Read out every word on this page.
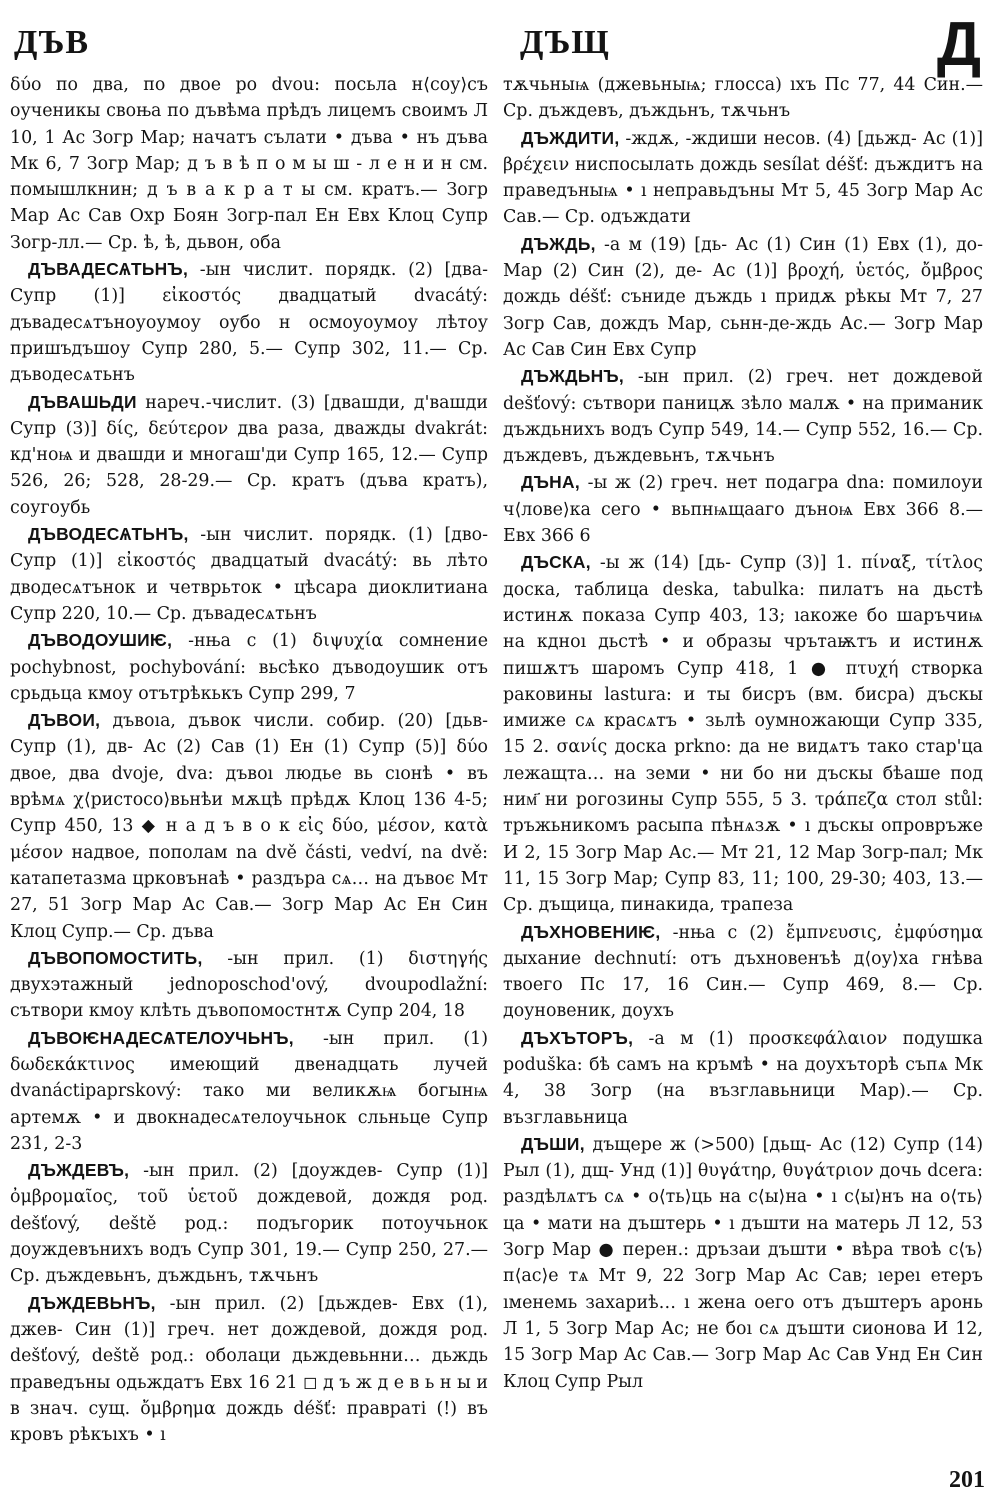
ДЪВ	ДЪЩ	Д

δύο по два, по двое po dvou: посьла н⟨соу⟩съ оученикы своња по дъвѣма прѣдъ лицемъ своимъ Л 10, 1 Ас Зогр Мар; начатъ сълати • дъва • нъ дъва Мк 6, 7 Зогр Мар; д ъ в ѣ п о м ы ш - л е н и н см. помышлкнин; д ъ в а к р а т ы см. кратъ.— Зогр Мар Ас Сав Охр Боян Зогр-пал Ен Евх Клоц Супр Зогр-лл.— Ср. ѣ, ѣ, дьвон, оба

ДЪВАДЕСѦТЬНЪ, -ын числит. порядк. (2) [два- Супр (1)] εἰκοστός двадцатый dvacátý: дъвадесѧтъноуоумоу оубо н осмоуоумоу лѣтоу пришъдъшоу Супр 280, 5.— Супр 302, 11.— Ср. дъвoдесѧтьнъ

ДЪВАШЬДИ нареч.-числит. (3) [двашди, д'вашди Супр (3)] δίς, δεύτερον два раза, дважды dvakrát: кд'ноѩ и двашди и многаш'ди Супр 165, 12.— Супр 526, 26; 528, 28-29.— Ср. кратъ (дъва кратъ), соугоубь

ДЪВОДЕСѦТЬНЪ, -ын числит. порядк. (1) [дво- Супр (1)] εἰκοστός двадцатый dvacátý: вь лѣто двoдесѧтънок и четврьток • цѣсара диоклитиана Супр 220, 10.— Ср. дъвадесѧтьнъ

ДЪВОДОУШИѤ, -нња с (1) διψυχία сомнение pochybnost, pochybování: вьсѣко дъводоушик отъ срьдьца кмоу отътрѣкькъ Супр 299, 7

ДЪВОИ, дъвоıа, дъвок числи. собир. (20) [дьв- Супр (1), дв- Ас (2) Сав (1) Ен (1) Супр (5)] δύο двое, два dvoje, dva: дъвоı людье вь сıонѣ • въ врѣмѧ χ⟨ристосо⟩вьнѣи мѫцѣ прѣдѫ Клоц 136 4-5; Супр 450, 13 ◆ н а д ъ в о к εἰς δύο, μέσον, κατὰ μέσον надвое, пополам na dvě části, vedví, na dvě: катапетазма црковънаѣ • раздъра сѧ… на дъвоє Мт 27, 51 Зогр Мар Ас Сав.— Зогр Мар Ас Ен Син Клоц Супр.— Ср. дъва

ДЪВОПОМОСТИТЬ, -ын прил. (1) διστηγής двухэтажный jednoposchod'ový, dvoupodlažní: сътвори кмоу клѣть дъвопомостнтѫ Супр 204, 18

ДЪВОѤНАДЕСѦТЕЛОУЧЬНЪ, -ын прил. (1) δωδεκάκτινος имеющий двенадцать лучей dvanáctipaprskový: тако ми великѫѩ богынѩ артемѫ • и двокнадесѧтелоучьнок сльньце Супр 231, 2-3

ДЪЖДЕВЪ, -ын прил. (2) [доуждев- Супр (1)] ὀμβρομαῖος, τοῦ ὑετοῦ дождевой, дождя род. dešťový, deště род.: подъгорик потоучьнок доуждевънихъ водъ Супр 301, 19.— Супр 250, 27.— Ср. дъждевьнъ, дъждьнъ, тѫчьнъ

ДЪЖДЕВЬНЪ, -ын прил. (2) [дьждев- Евх (1), джев- Син (1)] греч. нет дождевой, дождя род. dešťový, deště род.: оболаци дьждевьнни… дьждь праведъны одьждатъ Евх 16 21 ◻ д ъ ж д е в ь н ы и в знач. сущ. ὄμβρημα дождь déšť: правраті (!) въ кровъ рѣкъıхъ • ı

тѫчьныѩ (джевьныѩ; глосса) ıхъ Пс 77, 44 Син.— Ср. дъждевъ, дъждьнъ, тѫчьнъ

ДЪЖДИТИ, -ждѫ, -ждиши несов. (4) [дьжд- Ас (1)] βρέχειν ниспосылать дождь sesílat déšť: дъждитъ на праведъныѩ • ı неправьдъны Мт 5, 45 Зогр Мар Ас Сав.— Ср. одъждати

ДЪЖДЬ, -а м (19) [дь- Ас (1) Син (1) Евх (1), до- Мар (2) Син (2), де- Ас (1)] βροχή, ὑετός, ὄμβρος дождь déšť: съниде дъждь ı придѫ рѣкы Мт 7, 27 Зогр Сав, дождъ Мар, сьнн-де-ждь Ас.— Зогр Мар Ас Сав Син Евх Супр

ДЪЖДЬНЪ, -ын прил. (2) греч. нет дождевой dešťový: сътвори паницѫ зѣло малѫ • на приманик дъждьнихъ водъ Супр 549, 14.— Супр 552, 16.— Ср. дъждевъ, дъждевьнъ, тѫчьнъ

ДЪНА, -ы ж (2) греч. нет подагра dna: помилоуи ч⟨лове⟩ка сего • вьпнѩщааго дънoѩ Евх 366 8.— Евх 366 6

ДЪСКА, -ы ж (14) [дь- Супр (3)] 1. πίναξ, τίτλος доска, таблица deska, tabulka: пилатъ на дьстѣ истинѫ показа Супр 403, 13; ıакоже бо шаръчиѩ на кдноı дьстѣ • и образы чрътаѭтъ и истинѫ пишѫтъ шаромъ Супр 418, 1 ● πτυχή створка раковины lastura: и ты бисръ (вм. бисра) дъскы имиже сѧ красѧтъ • зьлѣ оумножающи Супр 335, 15 2. σανίς доска prkno: да не видѧтъ тако стар'ца лежащта… на земи • ни бо ни дъскы бѣаше под ним҃ ни рогозины Супр 555, 5 3. τράπεζα стол stůl: тръжьникомъ расыпа пѣнѧзѫ • ı дъскы опровръже И 2, 15 Зогр Мар Ас.— Мт 21, 12 Мар Зогр-пал; Мк 11, 15 Зогр Мар; Супр 83, 11; 100, 29-30; 403, 13.— Ср. дъщица, пинакида, трапеза

ДЪХНОВЕНИѤ, -нња с (2) ἔμπνευσις, ἐμφύσημα дыхание dechnutí: отъ дъхновенъѣ д⟨оу⟩ха гнѣва твоего Пс 17, 16 Син.— Супр 469, 8.— Ср. доуновеник, доухъ

ДЪХЪТОРЪ, -а м (1) προσκεφάλαιον подушка poduška: бѣ самъ на кръмѣ • на доухъторѣ съпѧ Мк 4, 38 Зогр (на възглавьници Мар).— Ср. възглавьница

ДЪШИ, дъщере ж (>500) [дьщ- Ас (12) Супр (14) Рыл (1), дщ- Унд (1)] θυγάτηρ, θυγάτριον дочь dcera: раздѣлѧтъ сѧ • о⟨ть⟩ць на с⟨ы⟩на • ı с⟨ы⟩нъ на о⟨ть⟩ца • мати на дъштерь • ı дъшти на матерь Л 12, 53 Зогр Мар ● перен.: дръзаи дъшти • вѣра твоѣ с⟨ъ⟩п⟨ас⟩е тѧ Мт 9, 22 Зогр Мар Ас Сав; ıереı етеръ ıменемь захариѣ… ı жена оего отъ дъштеръ аронь Л 1, 5 Зогр Мар Ас; не бoı сѧ дъшти сионова И 12, 15 Зогр Мар Ас Сав.— Зогр Мар Ас Сав Унд Ен Син Клоц Супр Рыл

201
